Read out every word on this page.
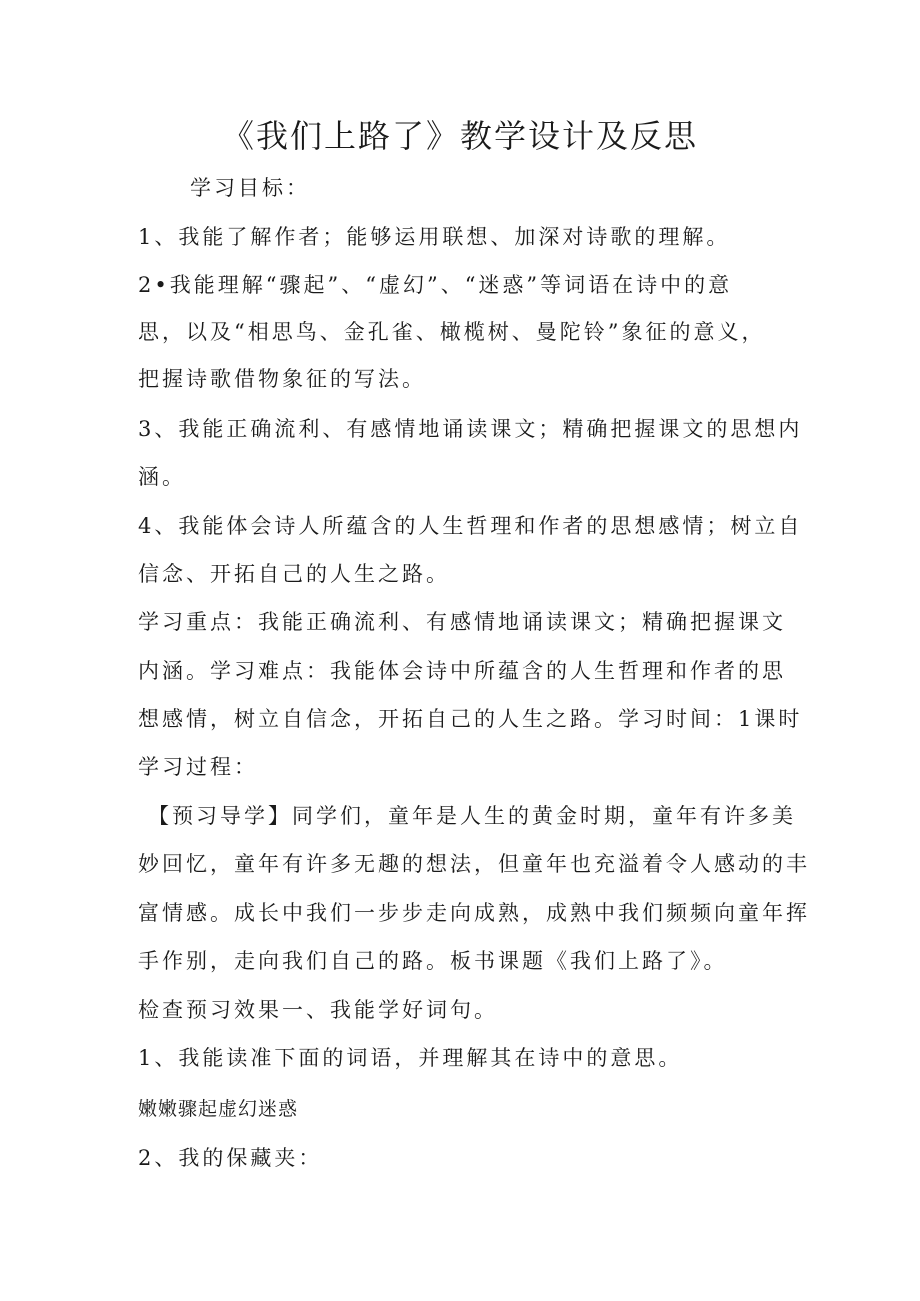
《我们上路了》教学设计及反思
学习目标：
1、我能了解作者；能够运用联想、加深对诗歌的理解。
2•我能理解“骤起”、“虚幻”、“迷惑”等词语在诗中的意
思，以及“相思鸟、金孔雀、橄榄树、曼陀铃”象征的意义，
把握诗歌借物象征的写法。
3、我能正确流利、有感情地诵读课文；精确把握课文的思想内
涵。
4、我能体会诗人所蕴含的人生哲理和作者的思想感情；树立自
信念、开拓自己的人生之路。
学习重点：我能正确流利、有感情地诵读课文；精确把握课文
内涵。学习难点：我能体会诗中所蕴含的人生哲理和作者的思
想感情，树立自信念，开拓自己的人生之路。学习时间：1课时
学习过程：
【预习导学】同学们，童年是人生的黄金时期，童年有许多美
妙回忆，童年有许多无趣的想法，但童年也充溢着令人感动的丰
富情感。成长中我们一步步走向成熟，成熟中我们频频向童年挥
手作别，走向我们自己的路。板书课题《我们上路了》。
检查预习效果一、我能学好词句。
1、我能读准下面的词语，并理解其在诗中的意思。
嫩嫩骤起虚幻迷惑
2、我的保藏夹：
